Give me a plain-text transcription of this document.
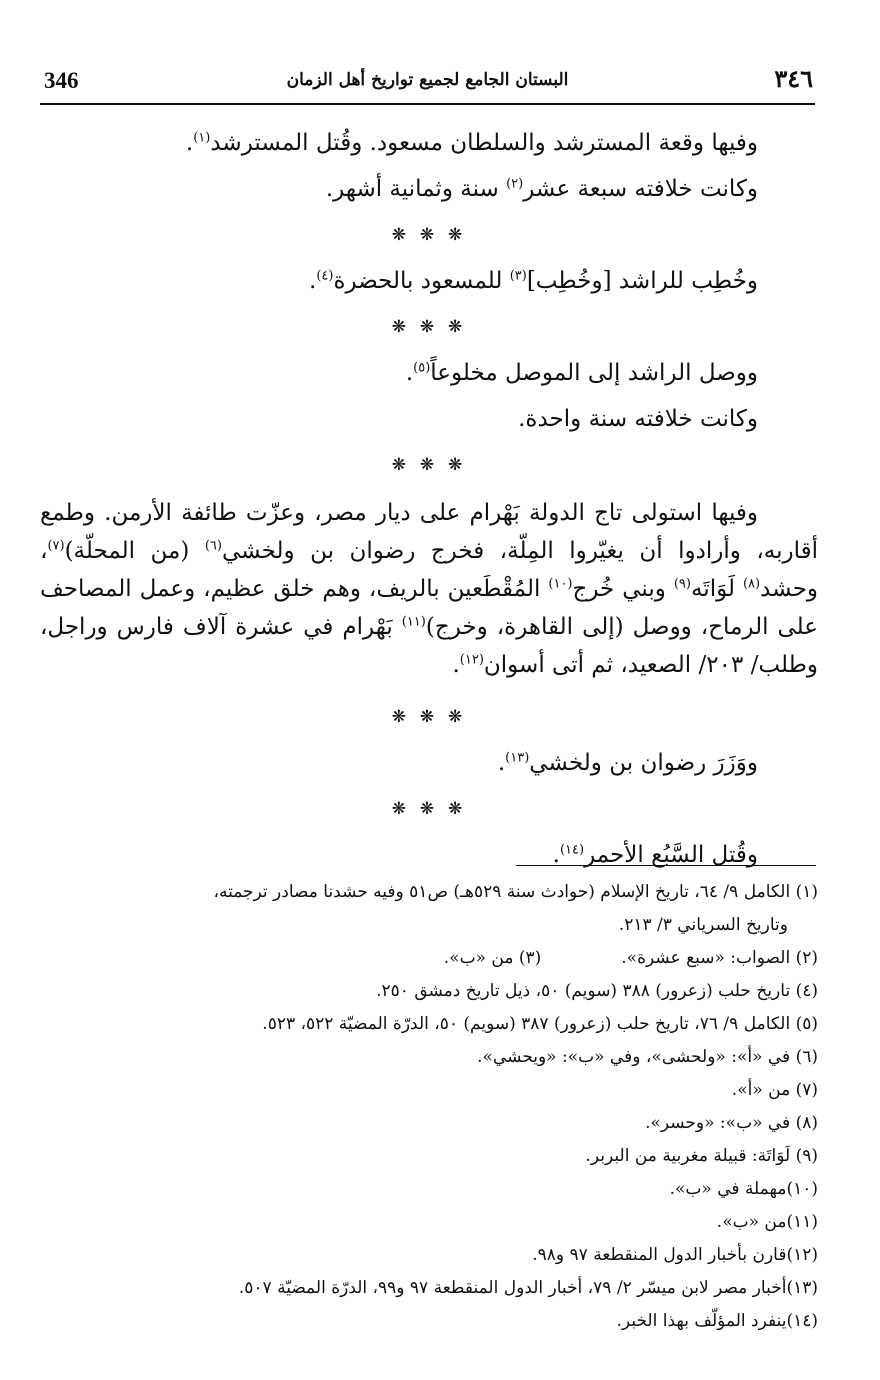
346	البستان الجامع لجميع تواريخ أهل الزمان	٣٤٦
وفيها وقعة المسترشد والسلطان مسعود. وقُتل المسترشد$^{(١)}$.
وكانت خلافته سبعة عشر$^{(٢)}$ سنة وثمانية أشهر.
❋ ❋ ❋
وخُطِب للراشد [وخُطِب]$^{(٣)}$ للمسعود بالحضرة$^{(٤)}$.
❋ ❋ ❋
ووصل الراشد إلى الموصل مخلوعاً$^{(٥)}$.
وكانت خلافته سنة واحدة.
❋ ❋ ❋
وفيها استولى تاج الدولة بَهْرام على ديار مصر، وعزّت طائفة الأرمن. وطمع أقاربه، وأرادوا أن يغيّروا المِلّة، فخرج رضوان بن ولخشي$^{(٦)}$ (من المحلّة)$^{(٧)}$، وحشد$^{(٨)}$ لَوَاتَه$^{(٩)}$ وبني خُرج$^{(١٠)}$ المُقْطَعين بالريف، وهم خلق عظيم، وعمل المصاحف على الرماح، ووصل (إلى القاهرة، وخرج)$^{(١١)}$ بَهْرام في عشرة آلاف فارس وراجل، وطلب/ ٢٠٣/ الصعيد، ثم أتى أسوان$^{(١٢)}$.
❋ ❋ ❋
ووَزَرَ رضوان بن ولخشي$^{(١٣)}$.
❋ ❋ ❋
وقُتل السَّبُع الأحمر$^{(١٤)}$.
(١) الكامل ٩/ ٦٤، تاريخ الإسلام (حوادث سنة ٥٢٩هـ) ص٥١ وفيه حشدنا مصادر ترجمته،
وتاريخ السرياني ٣/ ٢١٣.
(٢) الصواب: «سبع عشرة».(٣) من «ب».
(٤) تاريخ حلب (زعرور) ٣٨٨ (سويم) ٥٠، ذيل تاريخ دمشق ٢٥٠.
(٥) الكامل ٩/ ٧٦، تاريخ حلب (زعرور) ٣٨٧ (سويم) ٥٠، الدرّة المضيّة ٥٢٢، ٥٢٣.
(٦) في «أ»: «ولحشى»، وفي «ب»: «ويحشي».
(٧) من «أ».
(٨) في «ب»: «وحسر».
(٩) لَوَاتَة: قبيلة مغربية من البربر.
(١٠)مهملة في «ب».
(١١)من «ب».
(١٢)قارن بأخبار الدول المنقطعة ٩٧ و٩٨.
(١٣)أخبار مصر لابن ميسّر ٢/ ٧٩، أخبار الدول المنقطعة ٩٧ و٩٩، الدرّة المضيّة ٥٠٧.
(١٤)ينفرد المؤلّف بهذا الخبر.
